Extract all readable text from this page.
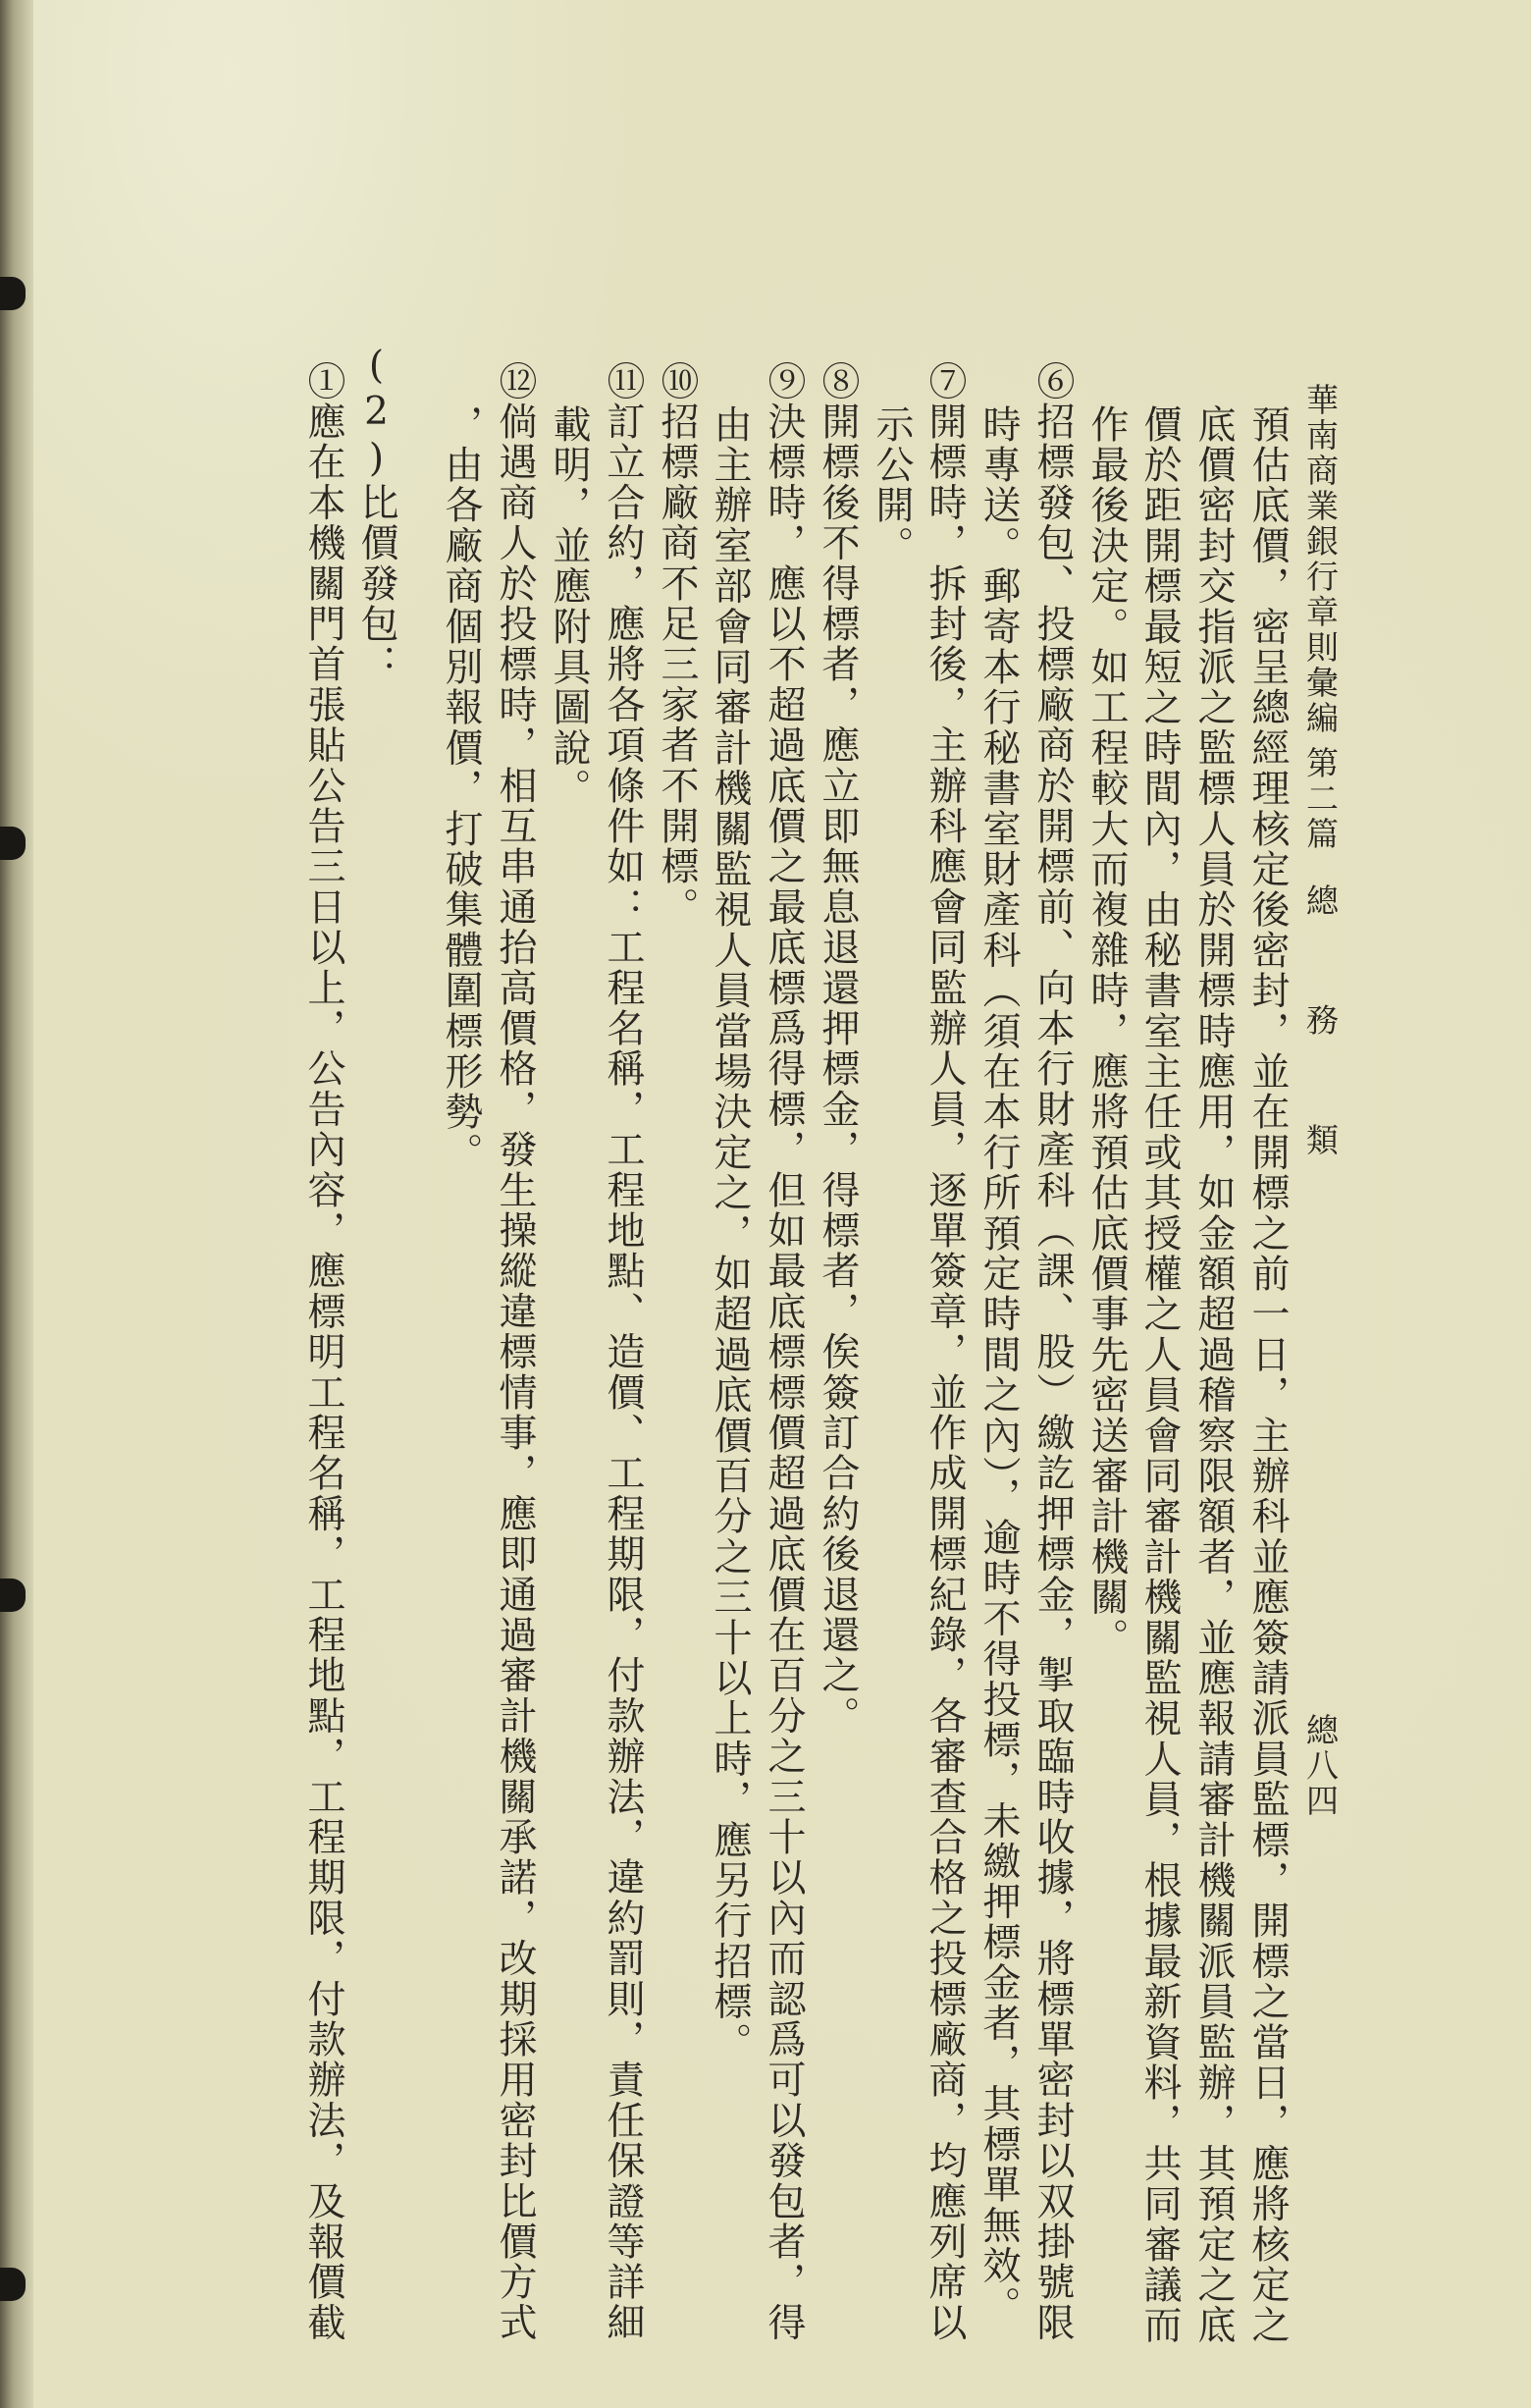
華南商業銀行章則彙編
第二篇
總　務　類
總八四
預估底價，密呈總經理核定後密封，並在開標之前一日，主辦科並應簽請派員監標，開標之當日，應將核定之
底價密封交指派之監標人員於開標時應用，如金額超過稽察限額者，並應報請審計機關派員監辦，其預定之底
價於距開標最短之時間內，由秘書室主任或其授權之人員會同審計機關監視人員，根據最新資料，共同審議而
作最後決定。如工程較大而複雜時，應將預估底價事先密送審計機關。
⑥招標發包、投標廠商於開標前、向本行財產科（課、股）繳訖押標金，掣取臨時收據，將標單密封以双掛號限
時專送。郵寄本行秘書室財產科（須在本行所預定時間之內），逾時不得投標，未繳押標金者，其標單無效。
⑦開標時，拆封後，主辦科應會同監辦人員，逐單簽章，並作成開標紀錄，各審查合格之投標廠商，均應列席以
示公開。
⑧開標後不得標者，應立即無息退還押標金，得標者，俟簽訂合約後退還之。
⑨決標時，應以不超過底價之最底標爲得標，但如最底標標價超過底價在百分之三十以內而認爲可以發包者，得
由主辦室部會同審計機關監視人員當場決定之，如超過底價百分之三十以上時，應另行招標。
⑩招標廠商不足三家者不開標。
⑪訂立合約，應將各項條件如：工程名稱，工程地點、造價、工程期限，付款辦法，違約罰則，責任保證等詳細
載明，並應附具圖說。
⑫倘遇商人於投標時，相互串通抬高價格，發生操縱違標情事，應即通過審計機關承諾，改期採用密封比價方式
，由各廠商個別報價，打破集體圍標形勢。
(2)比價發包：
①應在本機關門首張貼公告三日以上，公告內容，應標明工程名稱，工程地點，工程期限，付款辦法，及報價截
